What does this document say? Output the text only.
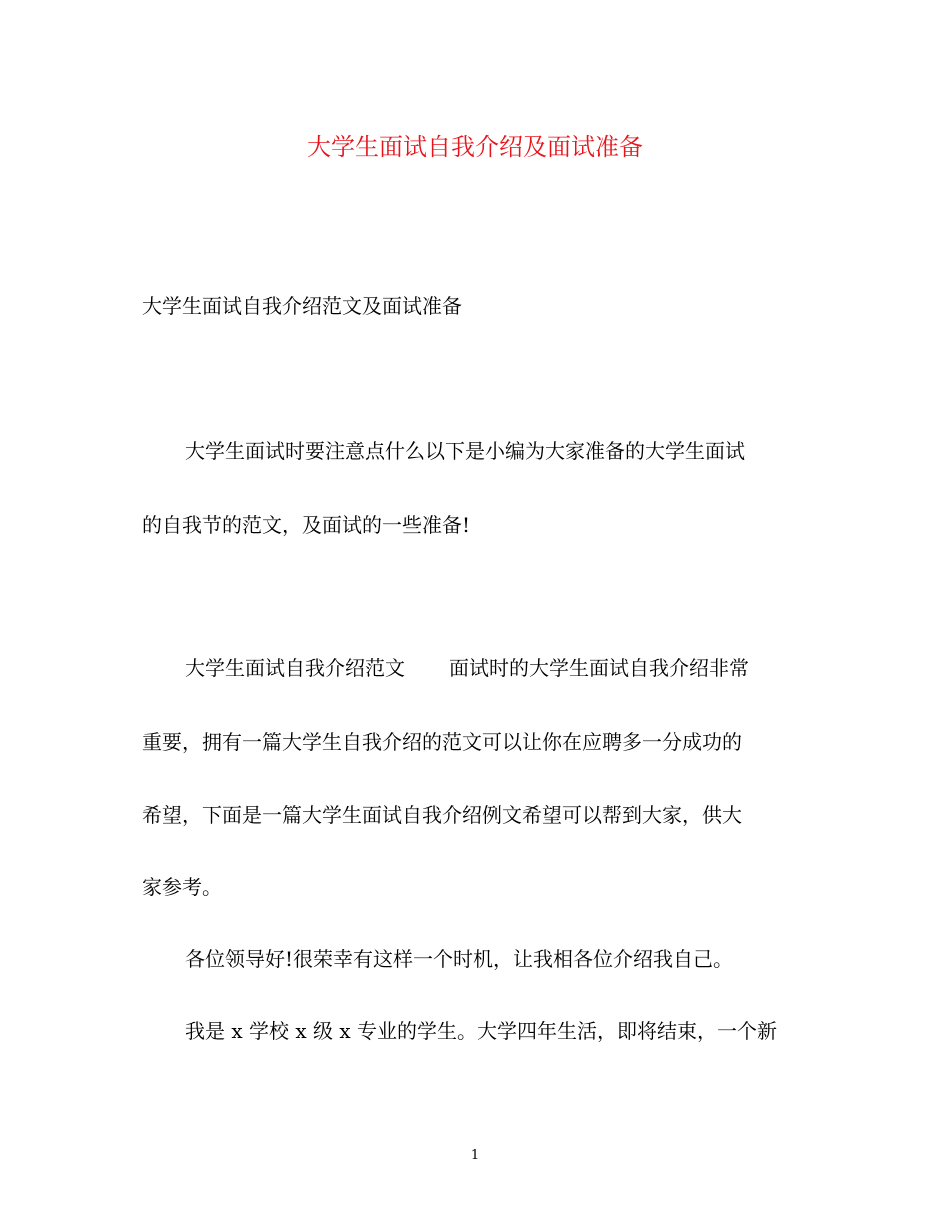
大学生面试自我介绍及面试准备
大学生面试自我介绍范文及面试准备
大学生面试时要注意点什么以下是小编为大家准备的大学生面试
的自我节的范文，及面试的一些准备!
大学生面试自我介绍范文 面试时的大学生面试自我介绍非常
重要，拥有一篇大学生自我介绍的范文可以让你在应聘多一分成功的
希望，下面是一篇大学生面试自我介绍例文希望可以帮到大家，供大
家参考。
各位领导好!很荣幸有这样一个时机，让我相各位介绍我自己。
我是 x 学校 x 级 x 专业的学生。大学四年生活，即将结束，一个新
1
